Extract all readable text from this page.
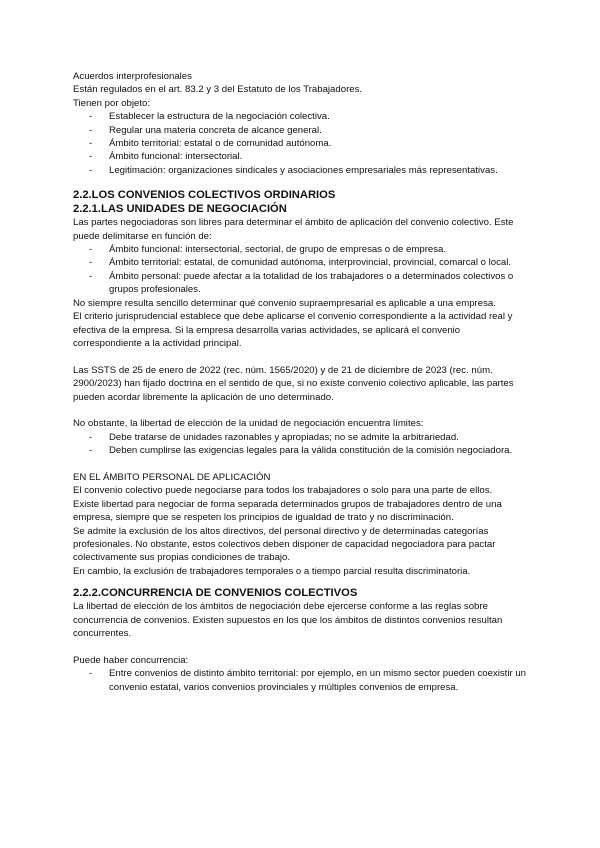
Acuerdos interprofesionales

Están regulados en el art. 83.2 y 3 del Estatuto de los Trabajadores.

Tienen por objeto:

- Establecer la estructura de la negociación colectiva.
- Regular una materia concreta de alcance general.
- Ámbito territorial: estatal o de comunidad autónoma.
- Ámbito funcional: intersectorial.
- Legitimación: organizaciones sindicales y asociaciones empresariales más representativas.
2.2.LOS CONVENIOS COLECTIVOS ORDINARIOS
2.2.1.LAS UNIDADES DE NEGOCIACIÓN

Las partes negociadoras son libres para determinar el ámbito de aplicación del convenio colectivo. Este puede delimitarse en función de:

- Ámbito funcional: intersectorial, sectorial, de grupo de empresas o de empresa.
- Ámbito territorial: estatal, de comunidad autónoma, interprovincial, provincial, comarcal o local.
- Ámbito personal: puede afectar a la totalidad de los trabajadores o a determinados colectivos o grupos profesionales.

No siempre resulta sencillo determinar qué convenio supraempresarial es aplicable a una empresa.

El criterio jurisprudencial establece que debe aplicarse el convenio correspondiente a la actividad real y efectiva de la empresa. Si la empresa desarrolla varias actividades, se aplicará el convenio correspondiente a la actividad principal.

Las SSTS de 25 de enero de 2022 (rec. núm. 1565/2020) y de 21 de diciembre de 2023 (rec. núm. 2900/2023) han fijado doctrina en el sentido de que, si no existe convenio colectivo aplicable, las partes pueden acordar libremente la aplicación de uno determinado.

No obstante, la libertad de elección de la unidad de negociación encuentra límites:

- Debe tratarse de unidades razonables y apropiadas; no se admite la arbitrariedad.
- Deben cumplirse las exigencias legales para la válida constitución de la comisión negociadora.

EN EL ÁMBITO PERSONAL DE APLICACIÓN

El convenio colectivo puede negociarse para todos los trabajadores o solo para una parte de ellos.

Existe libertad para negociar de forma separada determinados grupos de trabajadores dentro de una empresa, siempre que se respeten los principios de igualdad de trato y no discriminación.

Se admite la exclusión de los altos directivos, del personal directivo y de determinadas categorías profesionales. No obstante, estos colectivos deben disponer de capacidad negociadora para pactar colectivamente sus propias condiciones de trabajo.

En cambio, la exclusión de trabajadores temporales o a tiempo parcial resulta discriminatoria.

2.2.2.CONCURRENCIA DE CONVENIOS COLECTIVOS

La libertad de elección de los ámbitos de negociación debe ejercerse conforme a las reglas sobre concurrencia de convenios. Existen supuestos en los que los ámbitos de distintos convenios resultan concurrentes.

Puede haber concurrencia:

- Entre convenios de distinto ámbito territorial: por ejemplo, en un mismo sector pueden coexistir un convenio estatal, varios convenios provinciales y múltiples convenios de empresa.
